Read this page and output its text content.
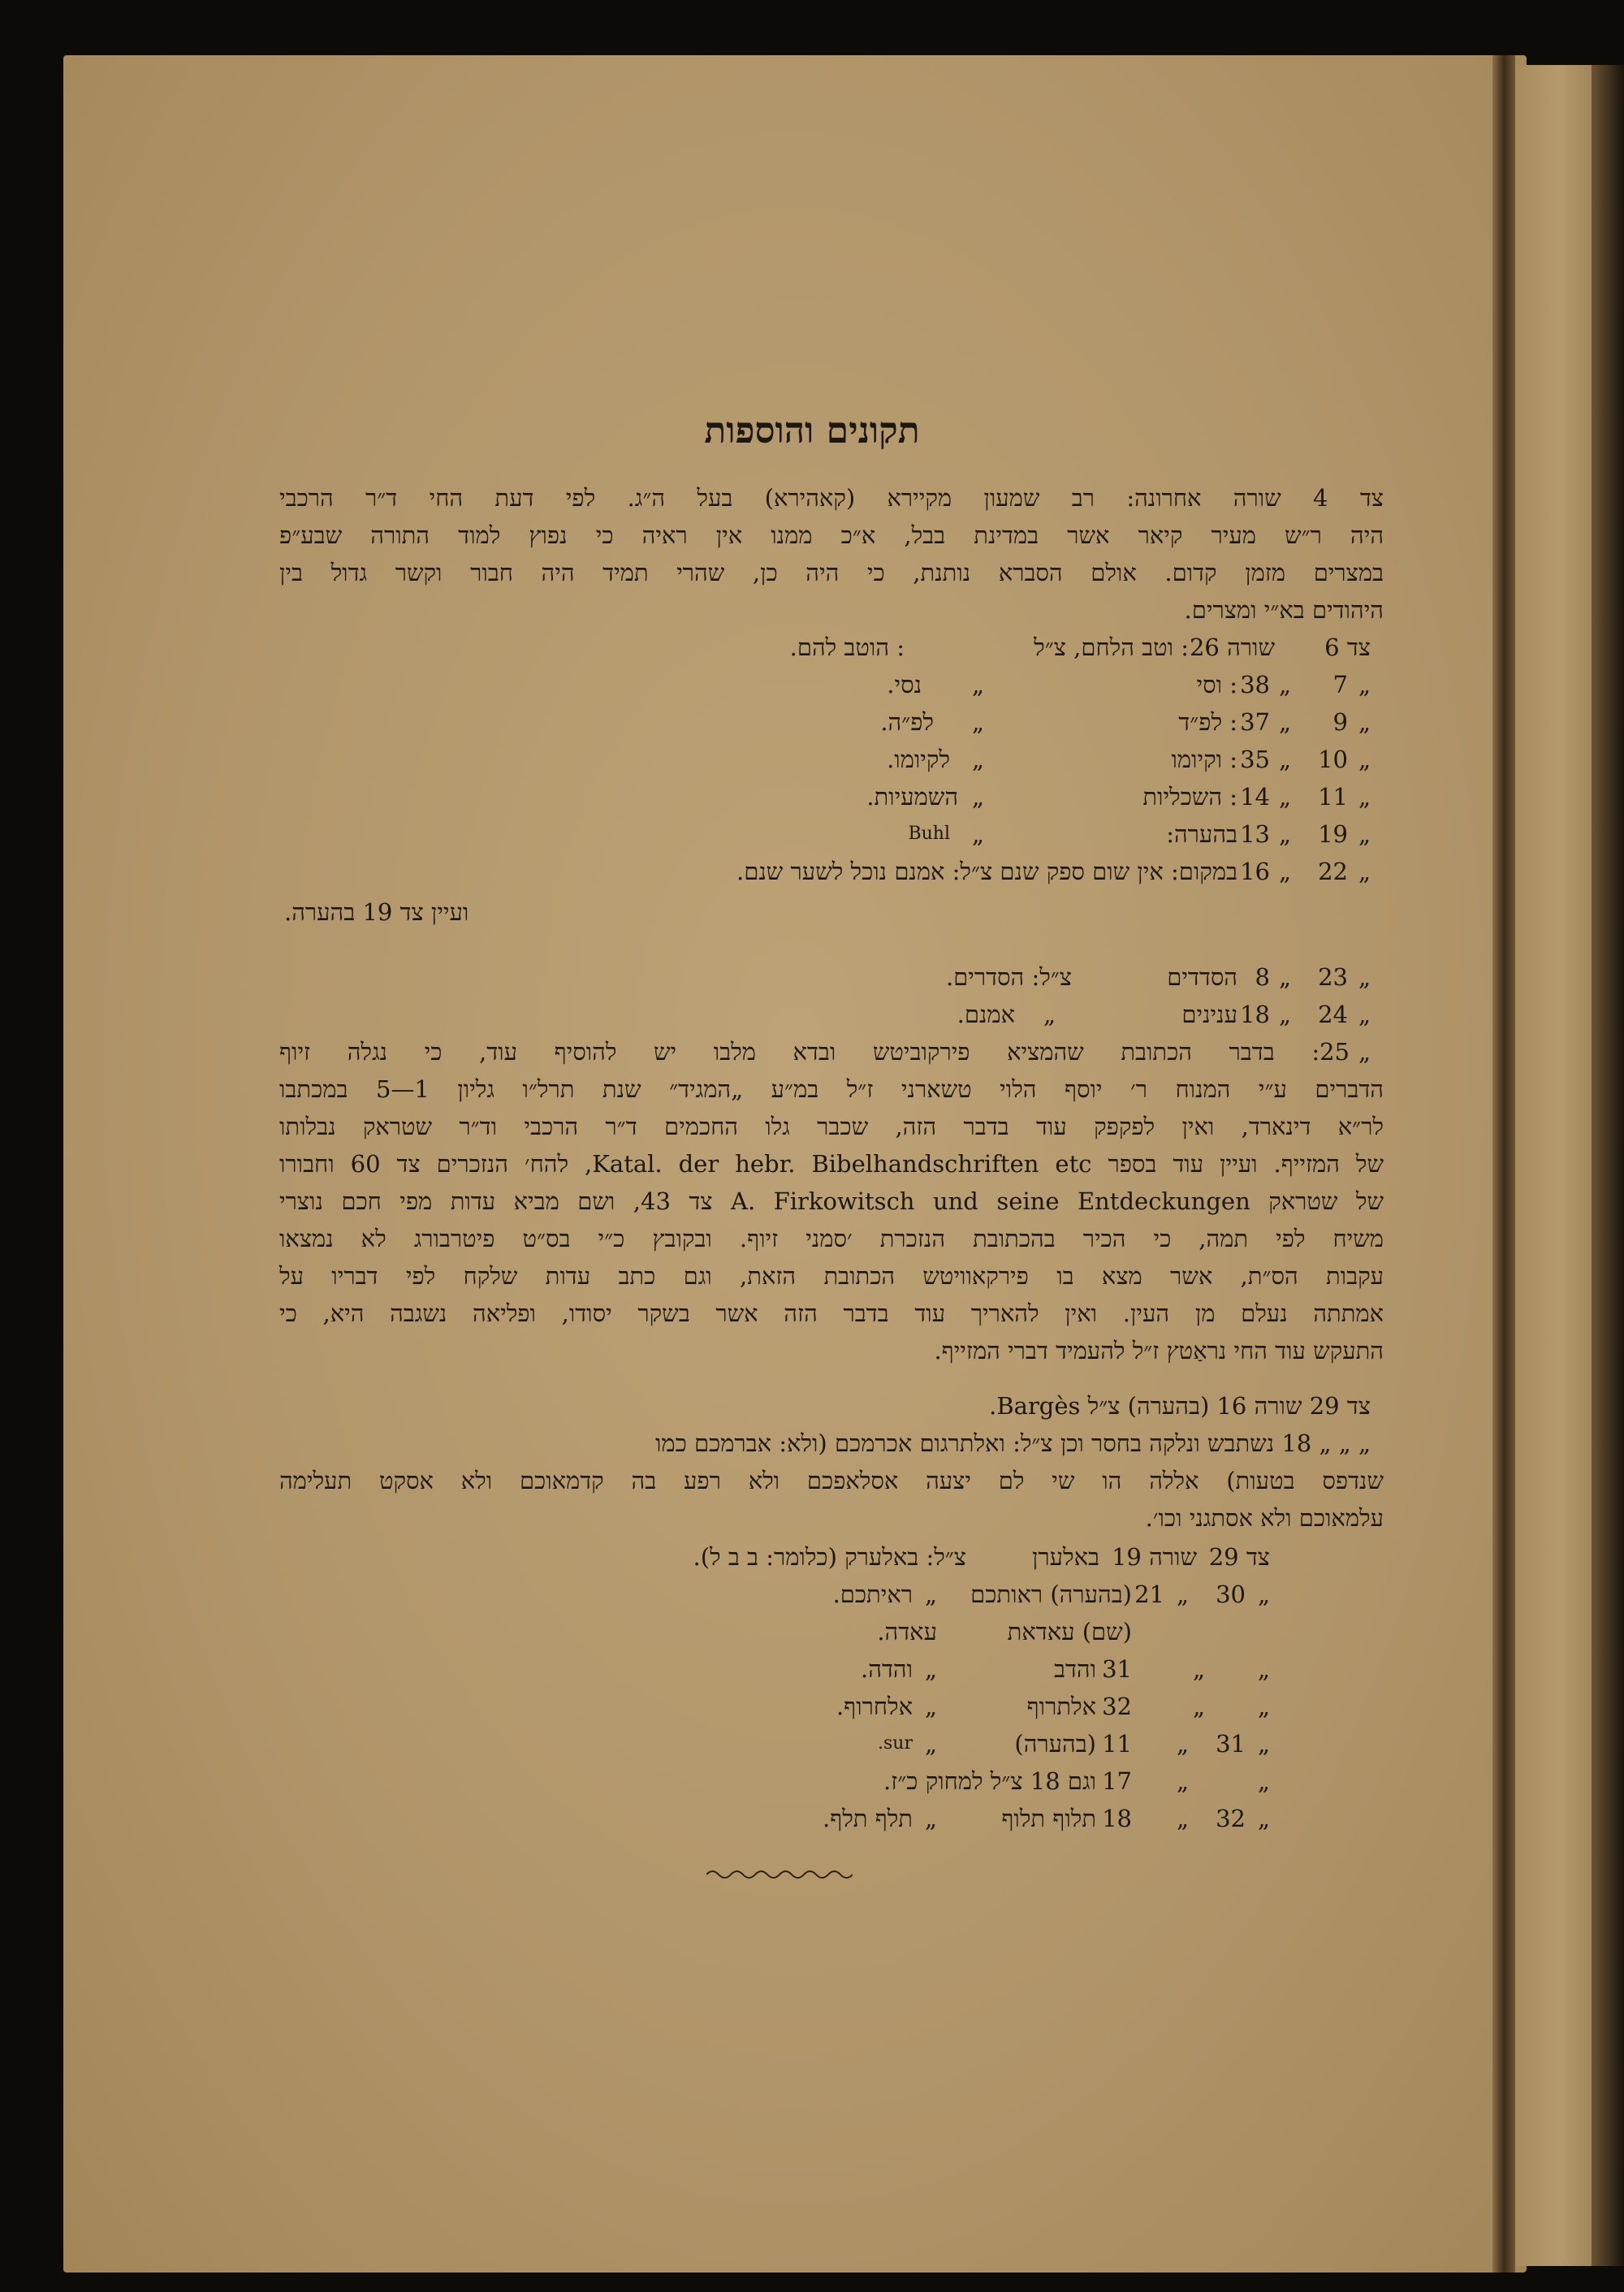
תקונים והוספות
צד 4 שורה אחרונה: רב שמעון מקיירא (קאהירא) בעל ה״ג. לפי דעת החי ד״ר הרכבי
היה ר״ש מעיר קיאר אשר במדינת בבל, א״כ ממנו אין ראיה כי נפוץ למוד התורה שבע״פ
במצרים מזמן קדום. אולם הסברא נותנת, כי היה כן, שהרי תמיד היה חבור וקשר גדול בין
היהודים בא״י ומצרים.
צד 6
שורה 26
: וטב הלחם, צ״ל
: הוטב להם.
„
7
„
38
: וסי
„
נסי.
„
9
„
37
: לפ״ד
„
לפ״ה.
„
10
„
35
: וקיומו
„
לקיומו.
„
11
„
14
: השכליות
„
השמעיות.
„
19
„
13
בהערה:
„
Buhl
„
22
„
16
במקום: אין שום ספק שנם צ״ל: אמנם נוכל לשער שנם.
ועיין צד 19 בהערה.
„
23
„
8
הסדדים
צ״ל: הסדרים.
„
24
„
18
ענינים
„
אמנם.
„
25: בדבר הכתובת שהמציא פירקוביטש ובדא מלבו יש להוסיף עוד, כי נגלה זיוף
הדברים ע״י המנוח ר׳ יוסף הלוי טשארני ז״ל במ״ע „המגיד״ שנת תרל״ו גליון 1—5 במכתבו
לר״א דינארד, ואין לפקפק עוד בדבר הזה, שכבר גלו החכמים ד״ר הרכבי וד״ר שטראק נבלותו
של המזייף. ועיין עוד בספר Katal. der hebr. Bibelhandschriften etc, להח׳ הנזכרים צד 60 וחבורו
של שטראק A. Firkowitsch und seine Entdeckungen צד 43, ושם מביא עדות מפי חכם נוצרי
משיח לפי תמה, כי הכיר בהכתובת הנזכרת ׳סמני זיוף. ובקובץ כ״י בס״ט פיטרבורג לא נמצאו
עקבות הס״ת, אשר מצא בו פירקאוויטש הכתובת הזאת, וגם כתב עדות שלקח לפי דבריו על
אמתתה נעלם מן העין. ואין להאריך עוד בדבר הזה אשר בשקר יסודו, ופליאה נשגבה היא, כי
התעקש עוד החי נראַטץ ז״ל להעמיד דברי המזייף.
צד 29 שורה 16 (בהערה) צ״ל Bargès.
„ „ „ 18 נשתבש ונלקה בחסר וכן צ״ל: ואלתרגום אכרמכם (ולא: אברמכם כמו
שנדפס בטעות) אללה הו שי לם יצעה אסלאפכם ולא רפע בה קדמאוכם ולא אסקט תעלימה
עלמאוכם ולא אסתגני וכו׳.
צד 29
שורה 19
באלערן
צ״ל: באלערק (כלומר: ב ב ל).
„
30
„
21
(בהערה) ראותכם
„
ראיתכם.
(שם) עאדאת
עאדה.
„
„
31
והדב
„
והדה.
„
„
32
אלתרוף
„
אלחרוף.
„
31
„
11
(בהערה)
„
sur.
„
„
17
וגם 18 צ״ל למחוק כ״ז.
„
32
„
18
תלוף תלוף
„
תלף תלף.
